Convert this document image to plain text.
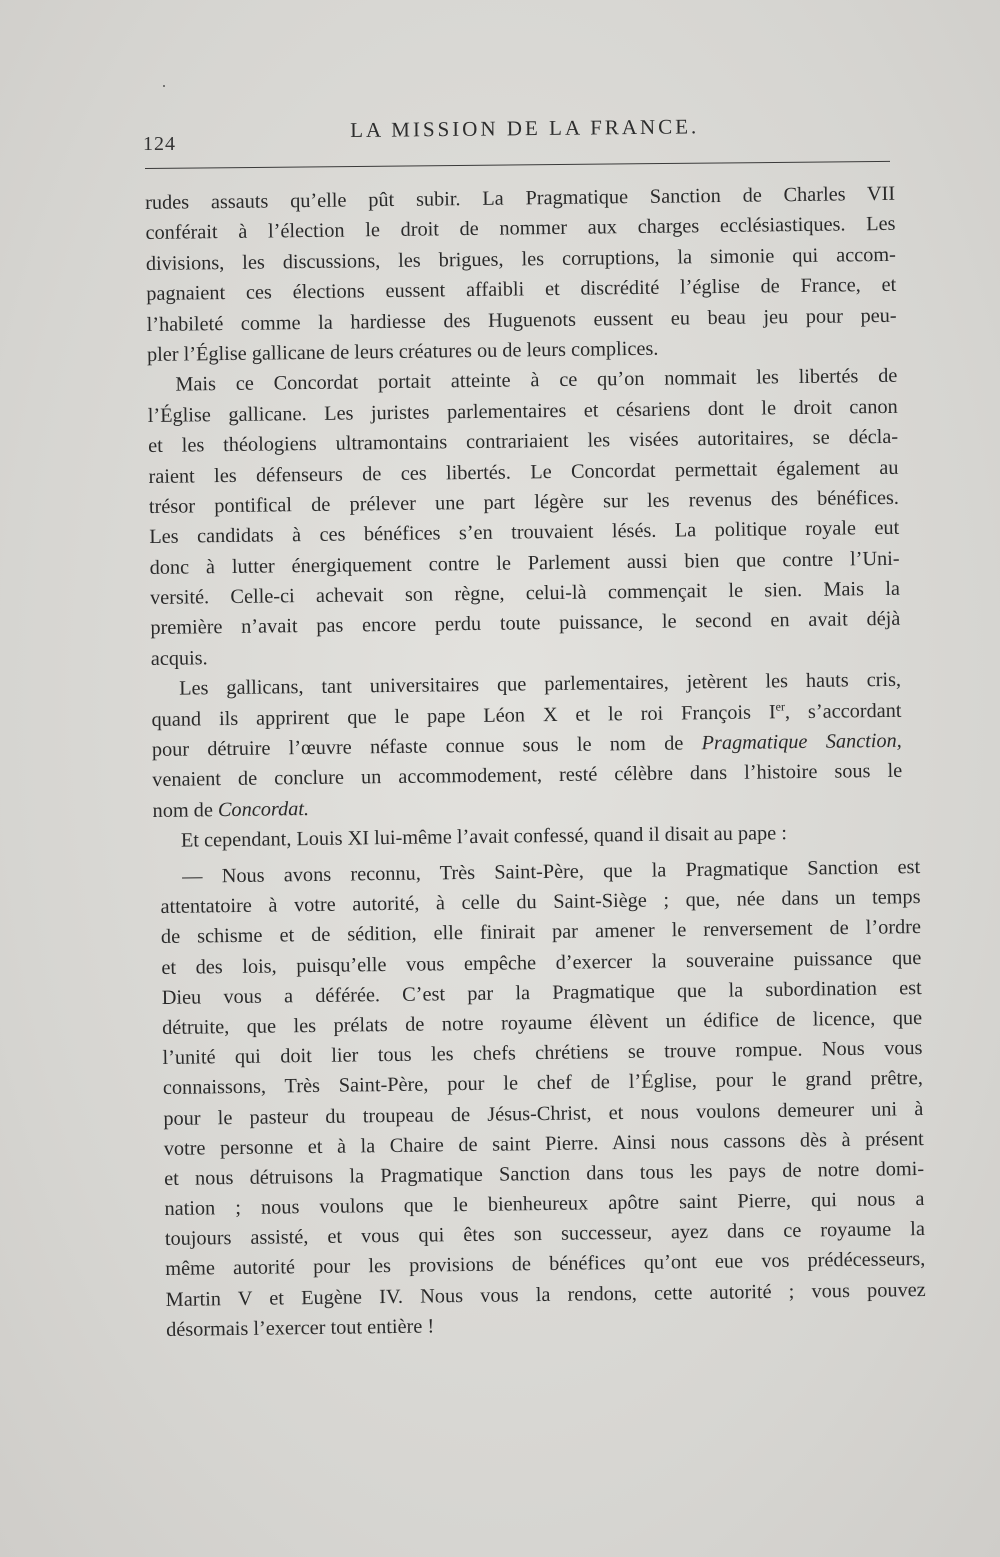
124
LA MISSION DE LA FRANCE.
rudes assauts qu’elle pût subir. La Pragmatique Sanction de Charles VII
conférait à l’élection le droit de nommer aux charges ecclésiastiques. Les
divisions, les discussions, les brigues, les corruptions, la simonie qui accom-
pagnaient ces élections eussent affaibli et discrédité l’église de France, et
l’habileté comme la hardiesse des Huguenots eussent eu beau jeu pour peu-
pler l’Église gallicane de leurs créatures ou de leurs complices.
Mais ce Concordat portait atteinte à ce qu’on nommait les libertés de
l’Église gallicane. Les juristes parlementaires et césariens dont le droit canon
et les théologiens ultramontains contrariaient les visées autoritaires, se décla-
raient les défenseurs de ces libertés. Le Concordat permettait également au
trésor pontifical de prélever une part légère sur les revenus des bénéfices.
Les candidats à ces bénéfices s’en trouvaient lésés. La politique royale eut
donc à lutter énergiquement contre le Parlement aussi bien que contre l’Uni-
versité. Celle-ci achevait son règne, celui-là commençait le sien. Mais la
première n’avait pas encore perdu toute puissance, le second en avait déjà
acquis.
Les gallicans, tant universitaires que parlementaires, jetèrent les hauts cris,
quand ils apprirent que le pape Léon X et le roi François Ier, s’accordant
pour détruire l’œuvre néfaste connue sous le nom de Pragmatique Sanction,
venaient de conclure un accommodement, resté célèbre dans l’histoire sous le
nom de Concordat.
Et cependant, Louis XI lui-même l’avait confessé, quand il disait au pape :
— Nous avons reconnu, Très Saint-Père, que la Pragmatique Sanction est
attentatoire à votre autorité, à celle du Saint-Siège ; que, née dans un temps
de schisme et de sédition, elle finirait par amener le renversement de l’ordre
et des lois, puisqu’elle vous empêche d’exercer la souveraine puissance que
Dieu vous a déférée. C’est par la Pragmatique que la subordination est
détruite, que les prélats de notre royaume élèvent un édifice de licence, que
l’unité qui doit lier tous les chefs chrétiens se trouve rompue. Nous vous
connaissons, Très Saint-Père, pour le chef de l’Église, pour le grand prêtre,
pour le pasteur du troupeau de Jésus-Christ, et nous voulons demeurer uni à
votre personne et à la Chaire de saint Pierre. Ainsi nous cassons dès à présent
et nous détruisons la Pragmatique Sanction dans tous les pays de notre domi-
nation ; nous voulons que le bienheureux apôtre saint Pierre, qui nous a
toujours assisté, et vous qui êtes son successeur, ayez dans ce royaume la
même autorité pour les provisions de bénéfices qu’ont eue vos prédécesseurs,
Martin V et Eugène IV. Nous vous la rendons, cette autorité ; vous pouvez
désormais l’exercer tout entière !
